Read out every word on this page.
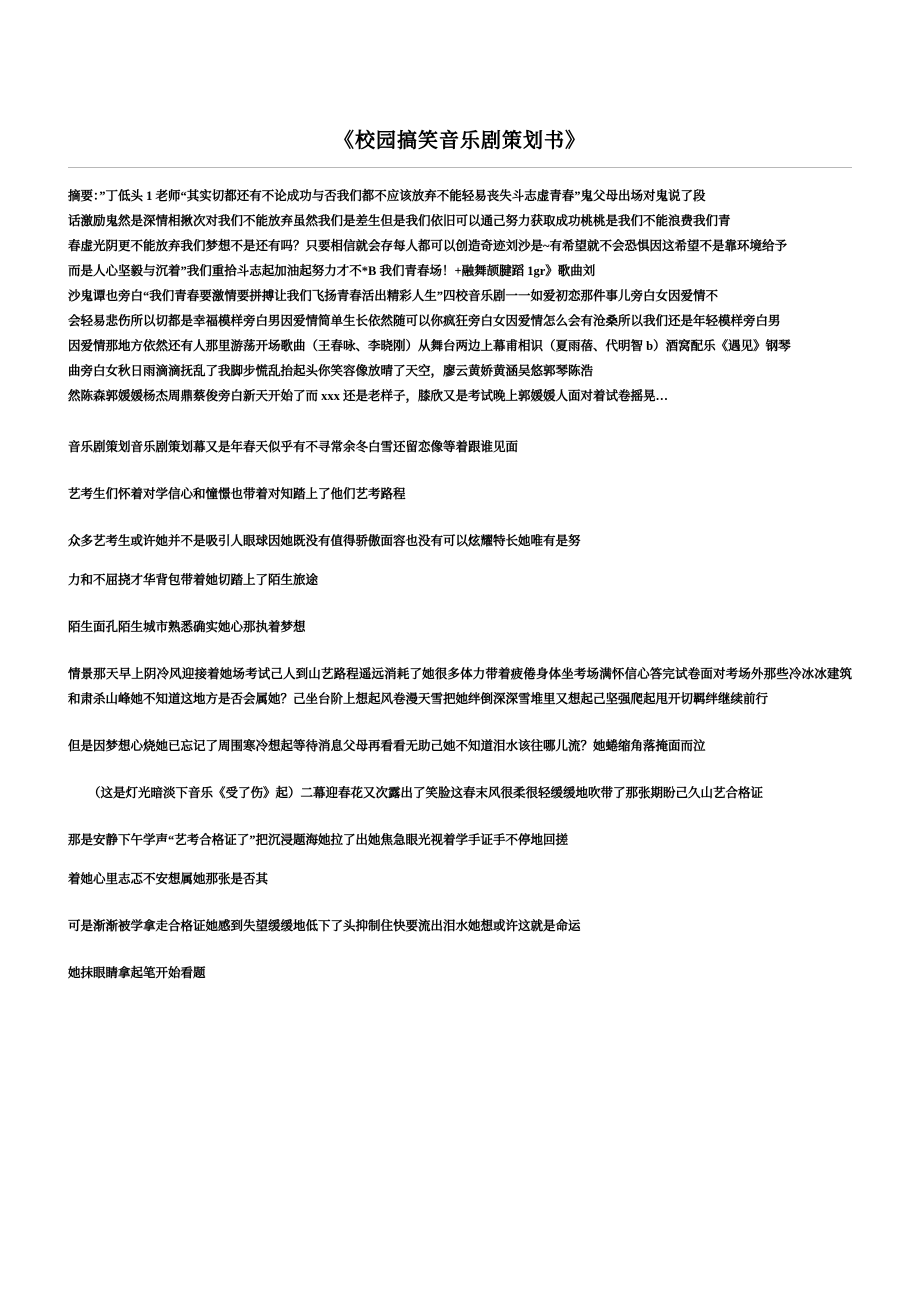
《校园搞笑音乐剧策划书》

摘要：”丁低头 1 老师“其实切都还有不论成功与否我们都不应该放弃不能轻易丧失斗志虚青春”鬼父母出场对鬼说了段

话激励鬼然是深情相揪次对我们不能放弃虽然我们是差生但是我们依旧可以通己努力获取成功桃桃是我们不能浪费我们青

春虚光阴更不能放弃我们梦想不是还有吗？只要相信就会存每人都可以创造奇迹刘沙是~有希望就不会恐惧因这希望不是靠环境给予

而是人心坚毅与沉着”我们重拾斗志起加油起努力才不*B 我们青春场！+融舞颉腱蹈 1gr》歌曲刘

沙鬼谭也旁白“我们青春要激情要拼搏让我们飞扬青春活出精彩人生”四校音乐剧一一如爱初恋那件事儿旁白女因爱情不

会轻易悲伤所以切都是幸福模样旁白男因爱情简单生长依然随可以你疯狂旁白女因爱情怎么会有沧桑所以我们还是年轻模样旁白男

因爱情那地方依然还有人那里游荡开场歌曲（王春咏、李晓刚）从舞台两边上幕甫相识（夏雨蓓、代明智 b）酒窝配乐《遇见》钢琴

曲旁白女秋日雨滴滴抚乱了我脚步慌乱抬起头你笑容像放晴了天空，廖云黄娇黄涵吴悠郭琴陈浩

然陈森郭媛媛杨杰周鼎蔡俊旁白新天开始了而 xxx 还是老样子，膝欣又是考试晚上郭媛媛人面对着试卷摇晃…

音乐剧策划音乐剧策划幕又是年春天似乎有不寻常余冬白雪还留恋像等着跟谁见面

艺考生们怀着对学信心和憧憬也带着对知踏上了他们艺考路程

众多艺考生或许她并不是吸引人眼球因她既没有值得骄傲面容也没有可以炫耀特长她唯有是努

力和不屈挠才华背包带着她切踏上了陌生旅途

陌生面孔陌生城市熟悉确实她心那执着梦想

情景那天早上阴冷风迎接着她场考试己人到山艺路程遥远消耗了她很多体力带着疲倦身体坐考场满怀信心答完试卷面对考场外那些冷冰冰建筑和肃杀山峰她不知道这地方是否会属她？己坐台阶上想起风卷漫天雪把她绊倒深深雪堆里又想起己坚强爬起甩开切羁绊继续前行

但是因梦想心烧她已忘记了周围寒冷想起等待消息父母再看看无助己她不知道泪水该往哪儿流？她蜷缩角落掩面而泣

（这是灯光暗淡下音乐《受了伤》起）二幕迎春花又次露出了笑脸这春末风很柔很轻缓缓地吹带了那张期盼己久山艺合格证

那是安静下午学声“艺考合格证了”把沉浸题海她拉了出她焦急眼光视着学手证手不停地回搓

着她心里志忑不安想属她那张是否其

可是渐渐被学拿走合格证她感到失望缓缓地低下了头抑制住快要流出泪水她想或许这就是命运

她抹眼睛拿起笔开始看题
